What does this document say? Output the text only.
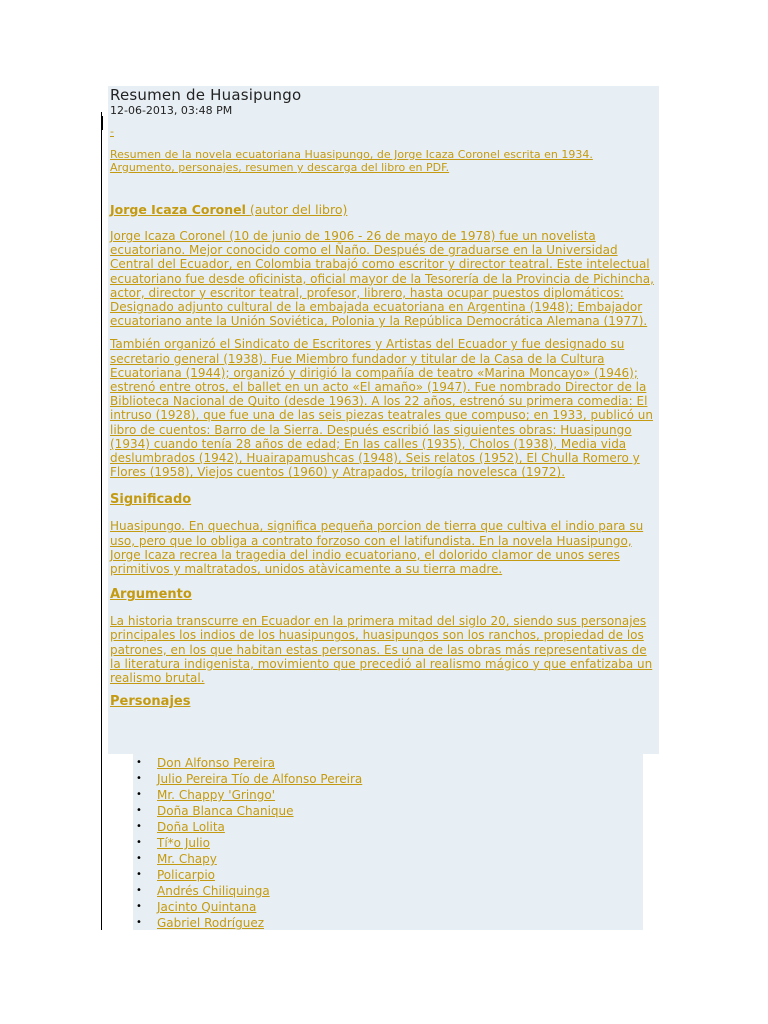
Resumen de Huasipungo
12-06-2013, 03:48 PM
-
Resumen de la novela ecuatoriana Huasipungo, de Jorge Icaza Coronel escrita en 1934. Argumento, personajes, resumen y descarga del libro en PDF.
Jorge Icaza Coronel (autor del libro)

Jorge Icaza Coronel (10 de junio de 1906 - 26 de mayo de 1978) fue un novelista ecuatoriano. Mejor conocido como el Ñaño. Después de graduarse en la Universidad Central del Ecuador, en Colombia trabajó como escritor y director teatral. Este intelectual ecuatoriano fue desde oficinista, oficial mayor de la Tesorería de la Provincia de Pichincha, actor, director y escritor teatral, profesor, librero, hasta ocupar puestos diplomáticos: Designado adjunto cultural de la embajada ecuatoriana en Argentina (1948); Embajador ecuatoriano ante la Unión Soviética, Polonia y la República Democrática Alemana (1977).

También organizó el Sindicato de Escritores y Artistas del Ecuador y fue designado su secretario general (1938). Fue Miembro fundador y titular de la Casa de la Cultura Ecuatoriana (1944); organizó y dirigió la compañía de teatro «Marina Moncayo» (1946); estrenó entre otros, el ballet en un acto «El amaño» (1947). Fue nombrado Director de la Biblioteca Nacional de Quito (desde 1963). A los 22 años, estrenó su primera comedia: El intruso (1928), que fue una de las seis piezas teatrales que compuso; en 1933, publicó un libro de cuentos: Barro de la Sierra. Después escribió las siguientes obras: Huasipungo (1934) cuando tenía 28 años de edad; En las calles (1935), Cholos (1938), Media vida deslumbrados (1942), Huairapamushcas (1948), Seis relatos (1952), El Chulla Romero y Flores (1958), Viejos cuentos (1960) y Atrapados, trilogía novelesca (1972).

Significado

Huasipungo. En quechua, significa pequeña porcion de tierra que cultiva el indio para su uso, pero que lo obliga a contrato forzoso con el latifundista. En la novela Huasipungo, Jorge Icaza recrea la tragedia del indio ecuatoriano, el dolorido clamor de unos seres primitivos y maltratados, unidos atàvicamente a su tierra madre.

Argumento

La historia transcurre en Ecuador en la primera mitad del siglo 20, siendo sus personajes principales los indios de los huasipungos, huasipungos son los ranchos, propiedad de los patrones, en los que habitan estas personas. Es una de las obras más representativas de la literatura indigenista, movimiento que precedió al realismo mágico y que enfatizaba un realismo brutal.

Personajes
• Don Alfonso Pereira
• Julio Pereira Tío de Alfonso Pereira
• Mr. Chappy 'Gringo'
• Doña Blanca Chanique
• Doña Lolita
• Tí*o Julio
• Mr. Chapy
• Policarpio
• Andrés Chiliquinga
• Jacinto Quintana
• Gabriel Rodríguez
